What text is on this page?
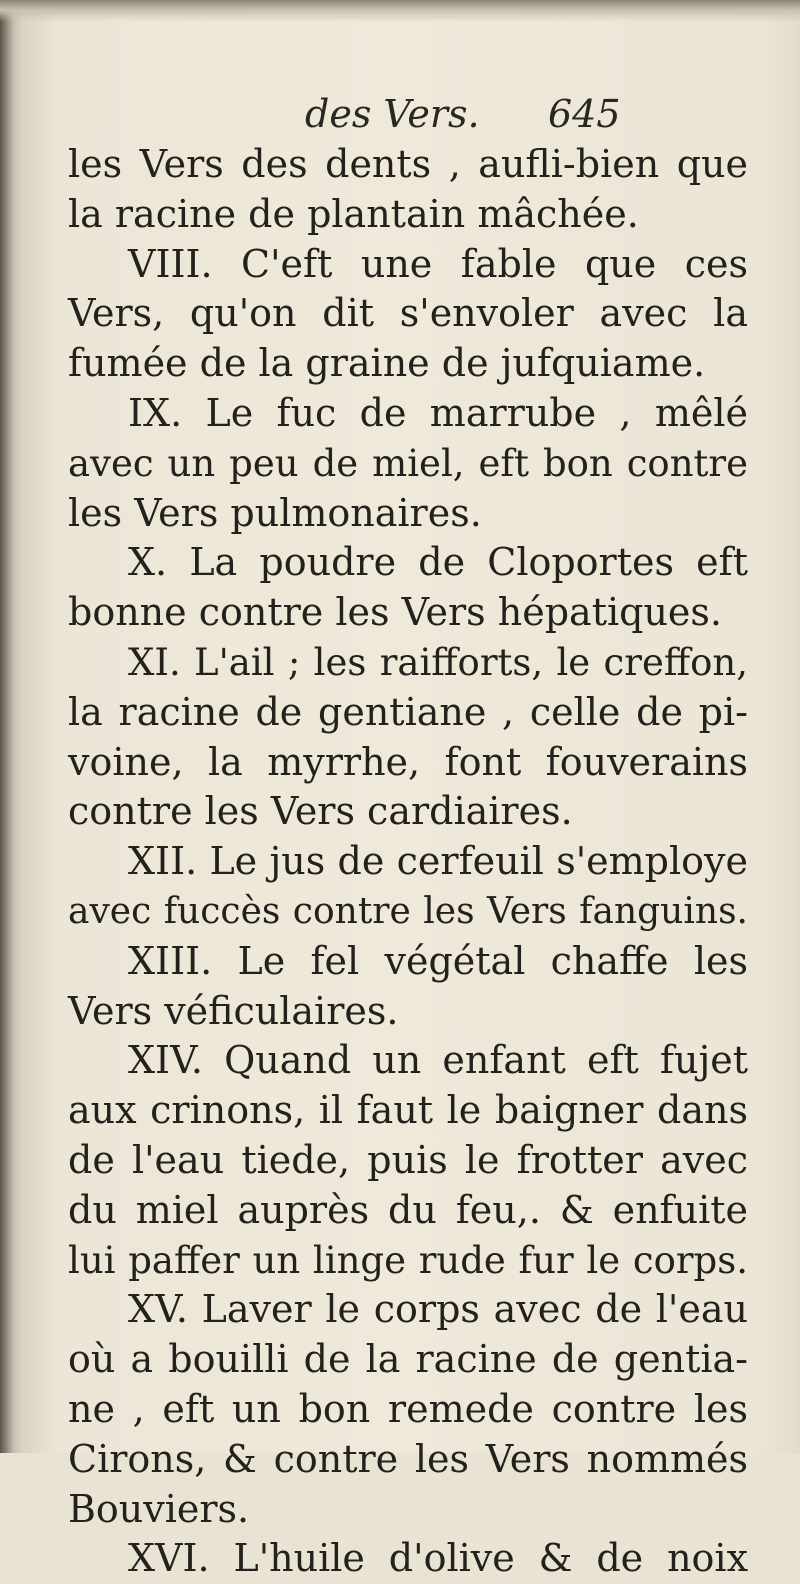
des Vers. 645
les Vers des dents , aufli-bien que
la racine de plantain mâchée.
VIII. C'eft une fable que ces
Vers, qu'on dit s'envoler avec la
fumée de la graine de jufquiame.
IX. Le fuc de marrube , mêlé
avec un peu de miel, eft bon contre
les Vers pulmonaires.
X. La poudre de Cloportes eft
bonne contre les Vers hépatiques.
XI. L'ail ; les raifforts, le creffon,
la racine de gentiane , celle de pi-
voine, la myrrhe, font fouverains
contre les Vers cardiaires.
XII. Le jus de cerfeuil s'employe
avec fuccès contre les Vers fanguins.
XIII. Le fel végétal chaffe les
Vers véficulaires.
XIV. Quand un enfant eft fujet
aux crinons, il faut le baigner dans
de l'eau tiede, puis le frotter avec
du miel auprès du feu,. & enfuite
lui paffer un linge rude fur le corps.
XV. Laver le corps avec de l'eau
où a bouilli de la racine de gentia-
ne , eft un bon remede contre les
Cirons, & contre les Vers nommés
Bouviers.
XVI. L'huile d'olive & de noix
